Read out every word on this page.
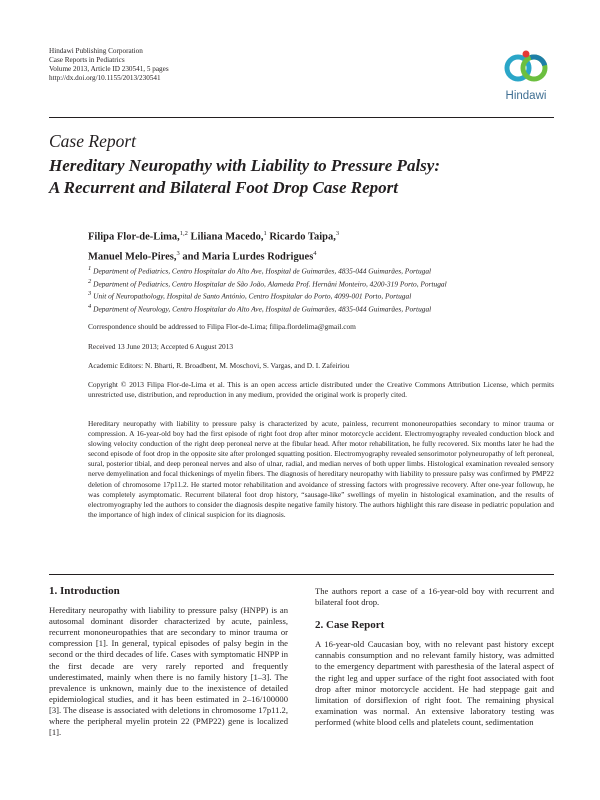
Hindawi Publishing Corporation
Case Reports in Pediatrics
Volume 2013, Article ID 230541, 5 pages
http://dx.doi.org/10.1155/2013/230541
Hindawi
Case Report
Hereditary Neuropathy with Liability to Pressure Palsy:
A Recurrent and Bilateral Foot Drop Case Report
Filipa Flor-de-Lima,$^{1,2}$ Liliana Macedo,$^1$ Ricardo Taipa,$^3$
Manuel Melo-Pires,$^3$ and Maria Lurdes Rodrigues$^4$
$^1$ Department of Pediatrics, Centro Hospitalar do Alto Ave, Hospital de Guimarães, 4835-044 Guimarães, Portugal
$^2$ Department of Pediatrics, Centro Hospitalar de São João, Alameda Prof. Hernâni Monteiro, 4200-319 Porto, Portugal
$^3$ Unit of Neuropathology, Hospital de Santo António, Centro Hospitalar do Porto, 4099-001 Porto, Portugal
$^4$ Department of Neurology, Centro Hospitalar do Alto Ave, Hospital de Guimarães, 4835-044 Guimarães, Portugal
Correspondence should be addressed to Filipa Flor-de-Lima; filipa.flordelima@gmail.com
Received 13 June 2013; Accepted 6 August 2013
Academic Editors: N. Bharti, R. Broadbent, M. Moschovi, S. Vargas, and D. I. Zafeiriou
Copyright © 2013 Filipa Flor-de-Lima et al. This is an open access article distributed under the Creative Commons Attribution License, which permits unrestricted use, distribution, and reproduction in any medium, provided the original work is properly cited.
Hereditary neuropathy with liability to pressure palsy is characterized by acute, painless, recurrent mononeuropathies secondary to minor trauma or compression. A 16-year-old boy had the first episode of right foot drop after minor motorcycle accident. Electromyography revealed conduction block and slowing velocity conduction of the right deep peroneal nerve at the fibular head. After motor rehabilitation, he fully recovered. Six months later he had the second episode of foot drop in the opposite site after prolonged squatting position. Electromyography revealed sensorimotor polyneuropathy of left peroneal, sural, posterior tibial, and deep peroneal nerves and also of ulnar, radial, and median nerves of both upper limbs. Histological examination revealed sensory nerve demyelination and focal thickenings of myelin fibers. The diagnosis of hereditary neuropathy with liability to pressure palsy was confirmed by PMP22 deletion of chromosome 17p11.2. He started motor rehabilitation and avoidance of stressing factors with progressive recovery. After one-year followup, he was completely asymptomatic. Recurrent bilateral foot drop history, “sausage-like” swellings of myelin in histological examination, and the results of electromyography led the authors to consider the diagnosis despite negative family history. The authors highlight this rare disease in pediatric population and the importance of high index of clinical suspicion for its diagnosis.
1. Introduction

Hereditary neuropathy with liability to pressure palsy (HNPP) is an autosomal dominant disorder characterized by acute, painless, recurrent mononeuropathies that are secondary to minor trauma or compression [1]. In general, typical episodes of palsy begin in the second or the third decades of life. Cases with symptomatic HNPP in the first decade are very rarely reported and frequently underestimated, mainly when there is no family history [1–3]. The prevalence is unknown, mainly due to the inexistence of detailed epidemiological studies, and it has been estimated in 2–16/100000 [3]. The disease is associated with deletions in chromosome 17p11.2, where the peripheral myelin protein 22 (PMP22) gene is localized [1].

The authors report a case of a 16-year-old boy with recurrent and bilateral foot drop.

2. Case Report

A 16-year-old Caucasian boy, with no relevant past history except cannabis consumption and no relevant family history, was admitted to the emergency department with paresthesia of the lateral aspect of the right leg and upper surface of the right foot associated with foot drop after minor motorcycle accident. He had steppage gait and limitation of dorsiflexion of right foot. The remaining physical examination was normal. An extensive laboratory testing was performed (white blood cells and platelets count, sedimentation
